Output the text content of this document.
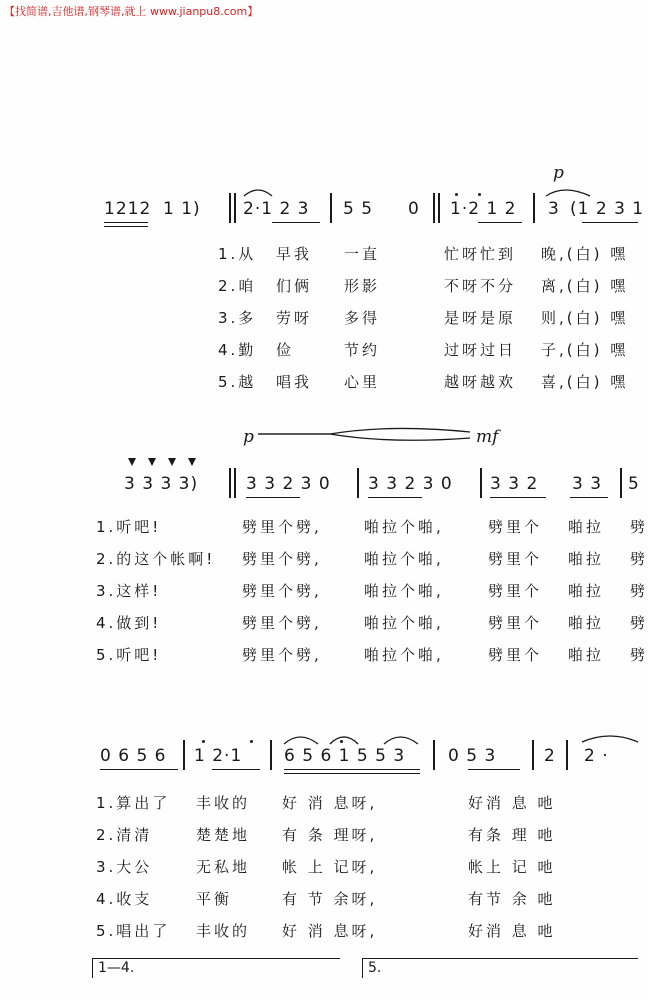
【找简谱,吉他谱,钢琴谱,就上 www.jianpu8.com】
p
1212 1 1) 2·1 2 3 5 5 0 1·2 1 2 3 (1 2 3 1
1.从 早我 一直	忙呀忙到 晚,(白) 嘿
2.咱 们俩 形影	不呀不分 离,(白) 嘿
3.多 劳呀 多得	是呀是原 则,(白) 嘿
4.勤 俭	节约	过呀过日 子,(白) 嘿
5.越 唱我 心里	越呀越欢 喜,(白) 嘿
p	mf
3 3 3 3)	3 3 2 3 0 3 3 2 3 0 3 3 2 3 3 5
1.听吧!	劈里个劈,	啪拉个啪,	劈里个 啪拉 劈
2.的这个帐啊! 劈里个劈,	啪拉个啪,	劈里个 啪拉 劈
3.这样!	劈里个劈,	啪拉个啪,	劈里个 啪拉 劈
4.做到!	劈里个劈,	啪拉个啪,	劈里个 啪拉 劈
5.听吧!	劈里个劈,	啪拉个啪,	劈里个 啪拉 劈
0 6 5 6 1 2·1 6 5 6 1 5 5 3	0 5 3	2 2 ·
1.算出了 丰收的 好 消 息呀,	好消 息 吔
2.清清	楚楚地 有 条 理呀,	有条 理 吔
3.大公	无私地 帐 上 记呀,	帐上 记 吔
4.收支	平衡	有 节 余呀,	有节 余 吔
5.唱出了 丰收的 好 消 息呀,	好消 息 吔
1—4.	5.
